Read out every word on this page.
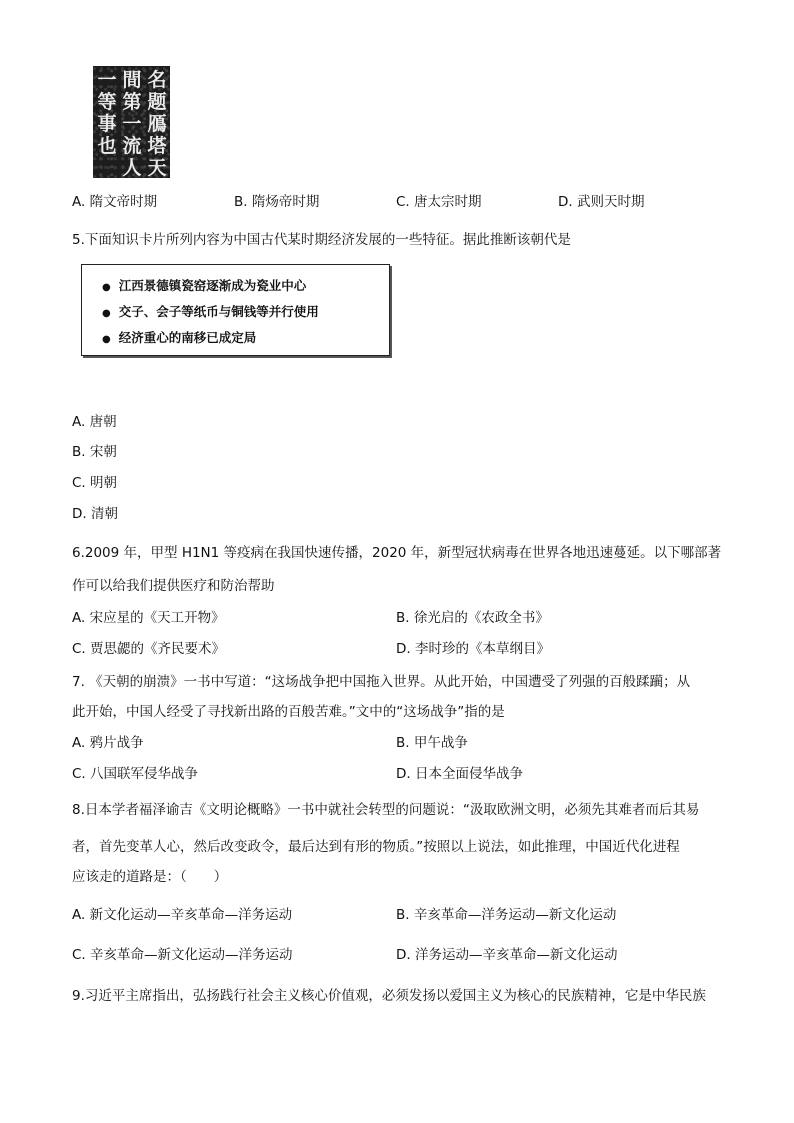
名题鴈塔天
間第一流人
一等事也
A. 隋文帝时期	B. 隋炀帝时期	C. 唐太宗时期	D. 武则天时期
5.下面知识卡片所列内容为中国古代某时期经济发展的一些特征。据此推断该朝代是
● 江西景德镇瓷窑逐渐成为瓷业中心
● 交子、会子等纸币与铜钱等并行使用
● 经济重心的南移已成定局
A. 唐朝
B. 宋朝
C. 明朝
D. 清朝
6.2009 年，甲型 H1N1 等疫病在我国快速传播，2020 年，新型冠状病毒在世界各地迅速蔓延。以下哪部著
作可以给我们提供医疗和防治帮助
A. 宋应星的《天工开物》	B. 徐光启的《农政全书》
C. 贾思勰的《齐民要术》	D. 李时珍的《本草纲目》
7. 《天朝的崩溃》一书中写道：“这场战争把中国拖入世界。从此开始，中国遭受了列强的百般蹂躏；从
此开始，中国人经受了寻找新出路的百般苦难。”文中的“这场战争”指的是
A. 鸦片战争	B. 甲午战争
C. 八国联军侵华战争	D. 日本全面侵华战争
8.日本学者福泽谕吉《文明论概略》一书中就社会转型的问题说：“汲取欧洲文明，必须先其难者而后其易
者，首先变革人心，然后改变政令，最后达到有形的物质。”按照以上说法，如此推理，中国近代化进程
应该走的道路是：（　　）
A. 新文化运动—辛亥革命—洋务运动	B. 辛亥革命—洋务运动—新文化运动
C. 辛亥革命—新文化运动—洋务运动	D. 洋务运动—辛亥革命—新文化运动
9.习近平主席指出，弘扬践行社会主义核心价值观，必须发扬以爱国主义为核心的民族精神，它是中华民族
